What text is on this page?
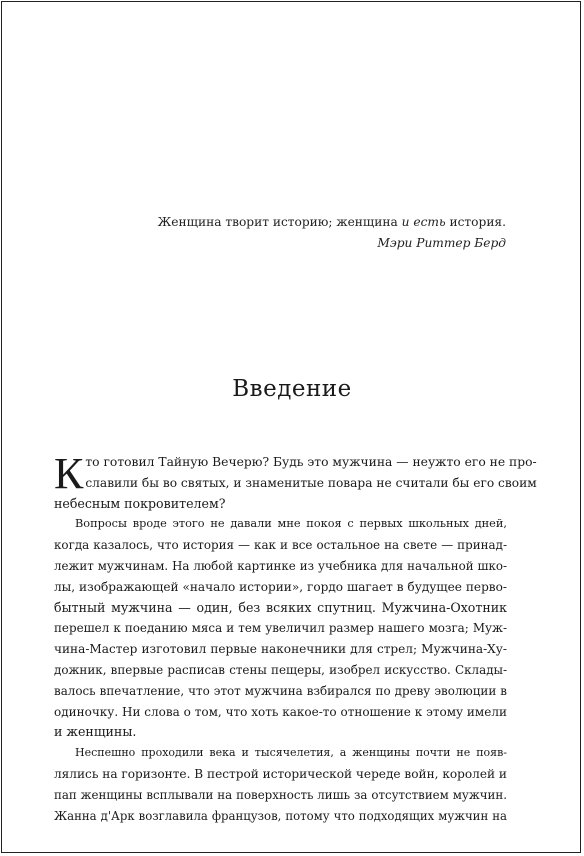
Женщина творит историю; женщина и есть история.
Мэри Риттер Берд
Введение
К то готовил Тайную Вечерю? Будь это мужчина — неужто его не про-
славили бы во святых, и знаменитые повара не считали бы его своим
небесным покровителем?
Вопросы вроде этого не давали мне покоя с первых школьных дней,
когда казалось, что история — как и все остальное на свете — принад-
лежит мужчинам. На любой картинке из учебника для начальной шко-
лы, изображающей «начало истории», гордо шагает в будущее перво-
бытный мужчина — один, без всяких спутниц. Мужчина-Охотник
перешел к поеданию мяса и тем увеличил размер нашего мозга; Муж-
чина-Мастер изготовил первые наконечники для стрел; Мужчина-Ху-
дожник, впервые расписав стены пещеры, изобрел искусство. Склады-
валось впечатление, что этот мужчина взбирался по древу эволюции в
одиночку. Ни слова о том, что хоть какое-то отношение к этому имели
и женщины.
Неспешно проходили века и тысячелетия, а женщины почти не появ-
лялись на горизонте. В пестрой исторической череде войн, королей и
пап женщины всплывали на поверхность лишь за отсутствием мужчин.
Жанна д'Арк возглавила французов, потому что подходящих мужчин на
